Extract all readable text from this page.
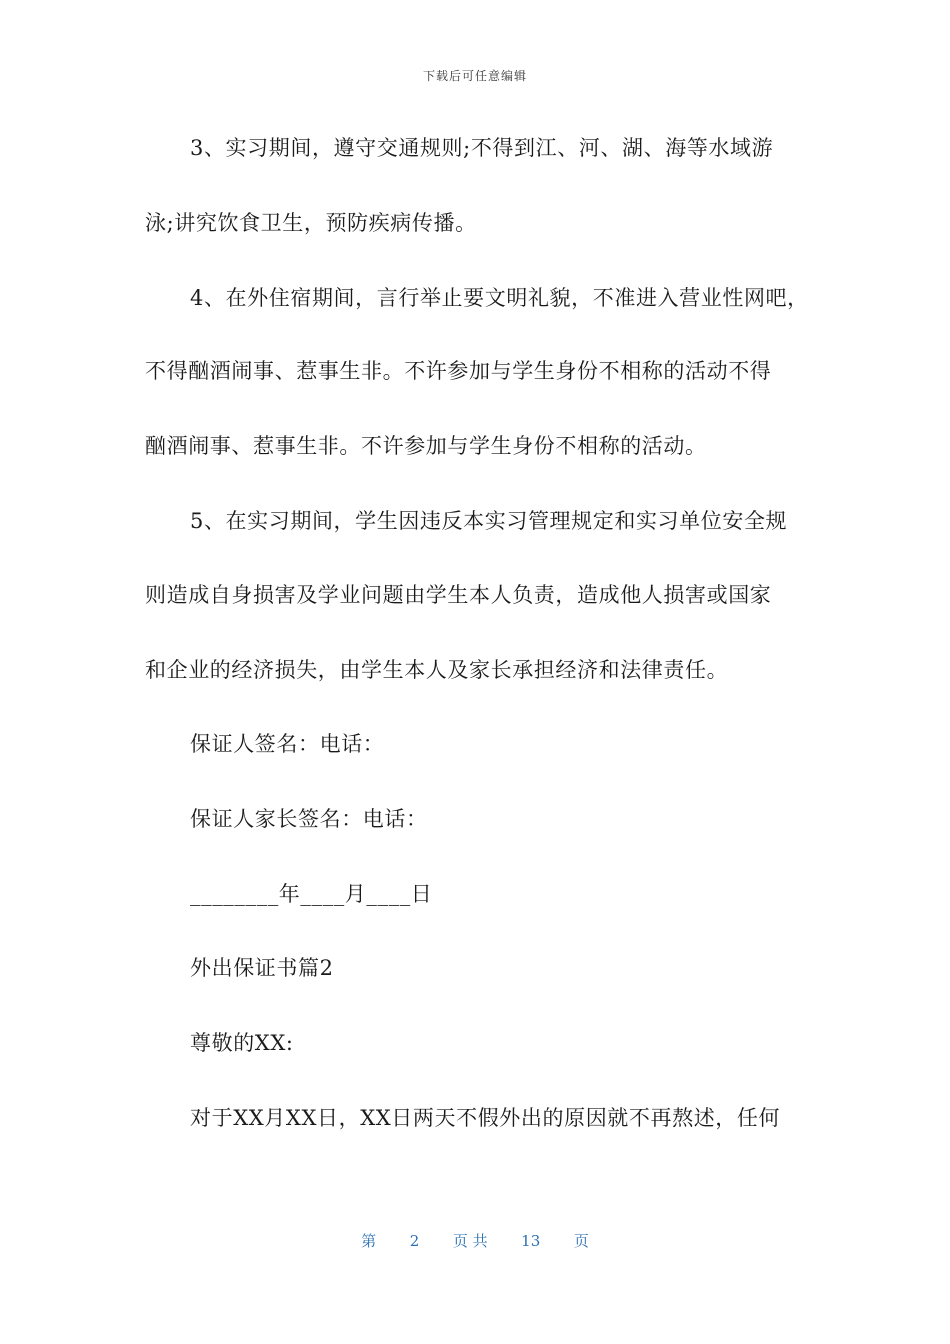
下载后可任意编辑
3、实习期间，遵守交通规则;不得到江、河、湖、海等水域游
泳;讲究饮食卫生，预防疾病传播。
4、在外住宿期间，言行举止要文明礼貌，不准进入营业性网吧，
不得酗酒闹事、惹事生非。不许参加与学生身份不相称的活动不得
酗酒闹事、惹事生非。不许参加与学生身份不相称的活动。
5、在实习期间，学生因违反本实习管理规定和实习单位安全规
则造成自身损害及学业问题由学生本人负责，造成他人损害或国家
和企业的经济损失，由学生本人及家长承担经济和法律责任。
保证人签名：电话：
保证人家长签名：电话：
________年____月____日
外出保证书篇2
尊敬的XX:
对于XX月XX日，XX日两天不假外出的原因就不再熬述，任何
第 2 页 共 13 页
